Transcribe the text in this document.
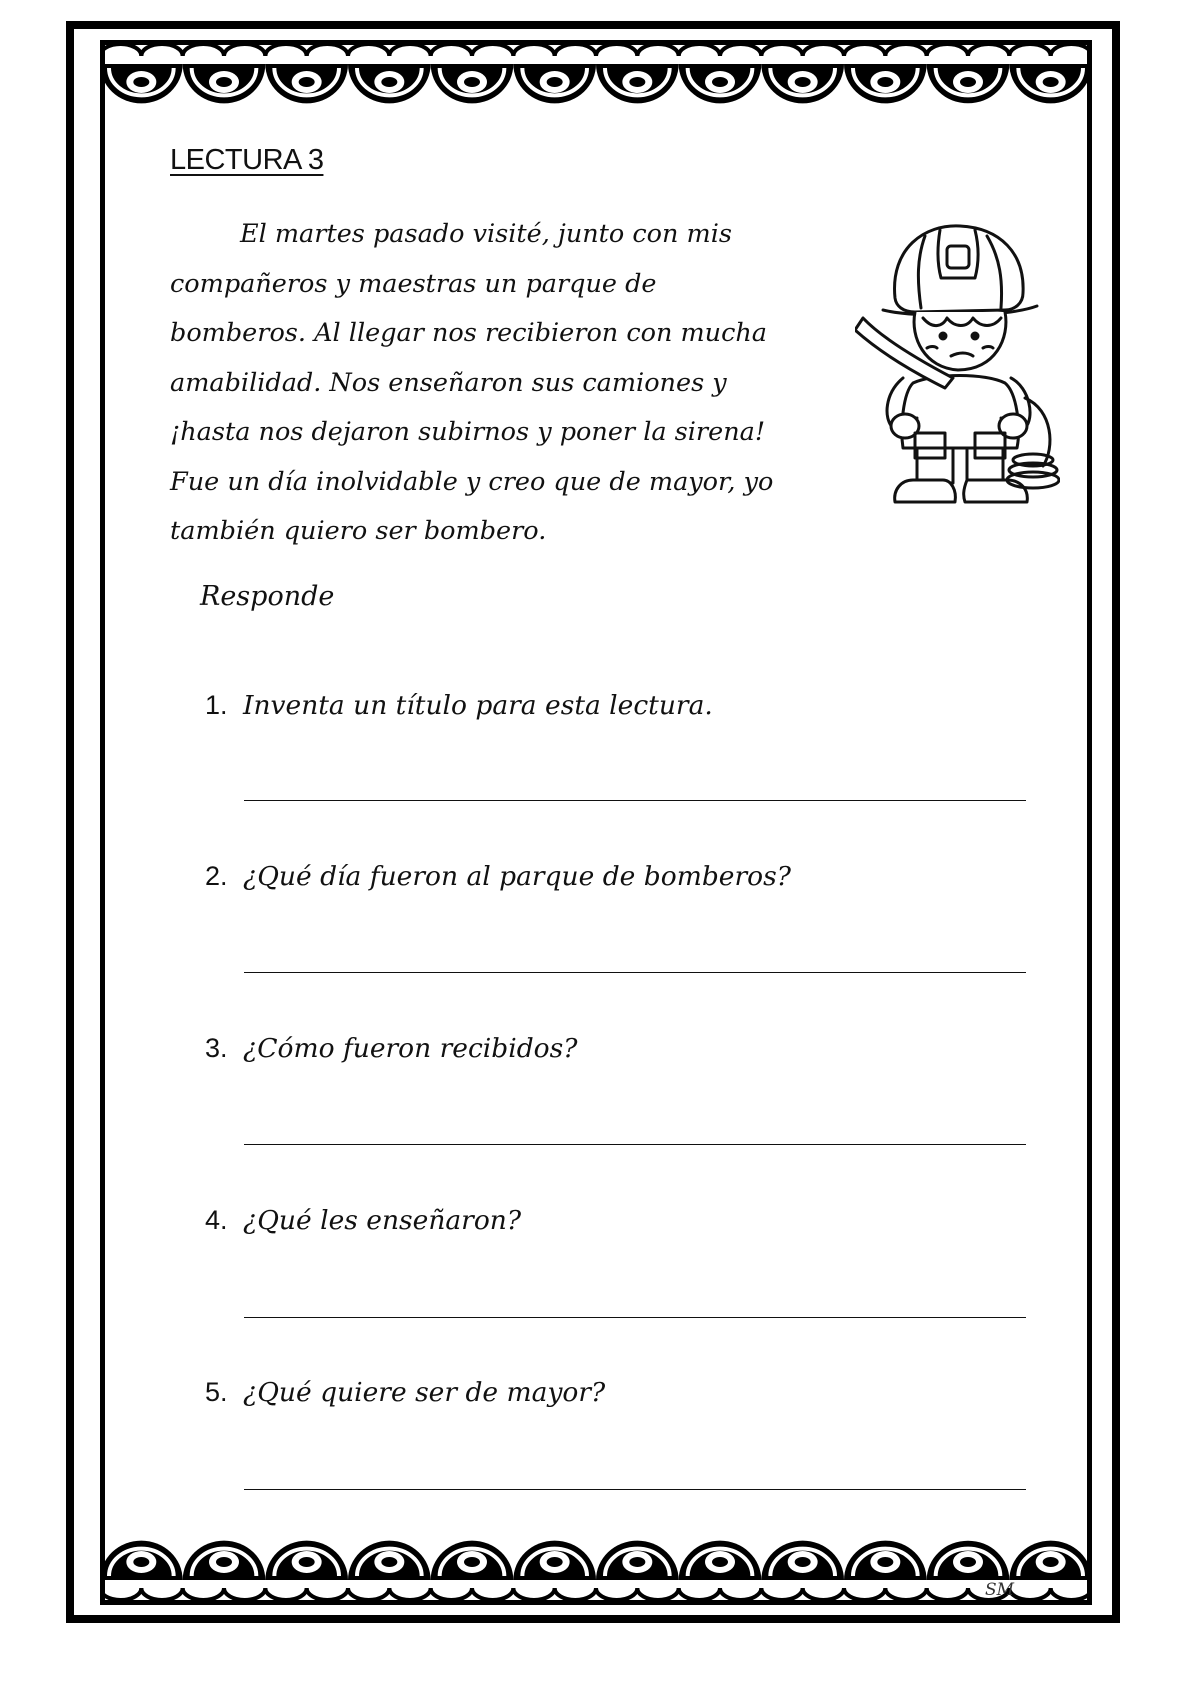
LECTURA 3
El martes pasado visité, junto con mis
compañeros y maestras un parque de
bomberos. Al llegar nos recibieron con mucha
amabilidad. Nos enseñaron sus camiones y
¡hasta nos dejaron subirnos y poner la sirena!
Fue un día inolvidable y creo que de mayor, yo
también quiero ser bombero.
Responde
1. Inventa un título para esta lectura.
2. ¿Qué día fueron al parque de bomberos?
3. ¿Cómo fueron recibidos?
4. ¿Qué les enseñaron?
5. ¿Qué quiere ser de mayor?
SM
